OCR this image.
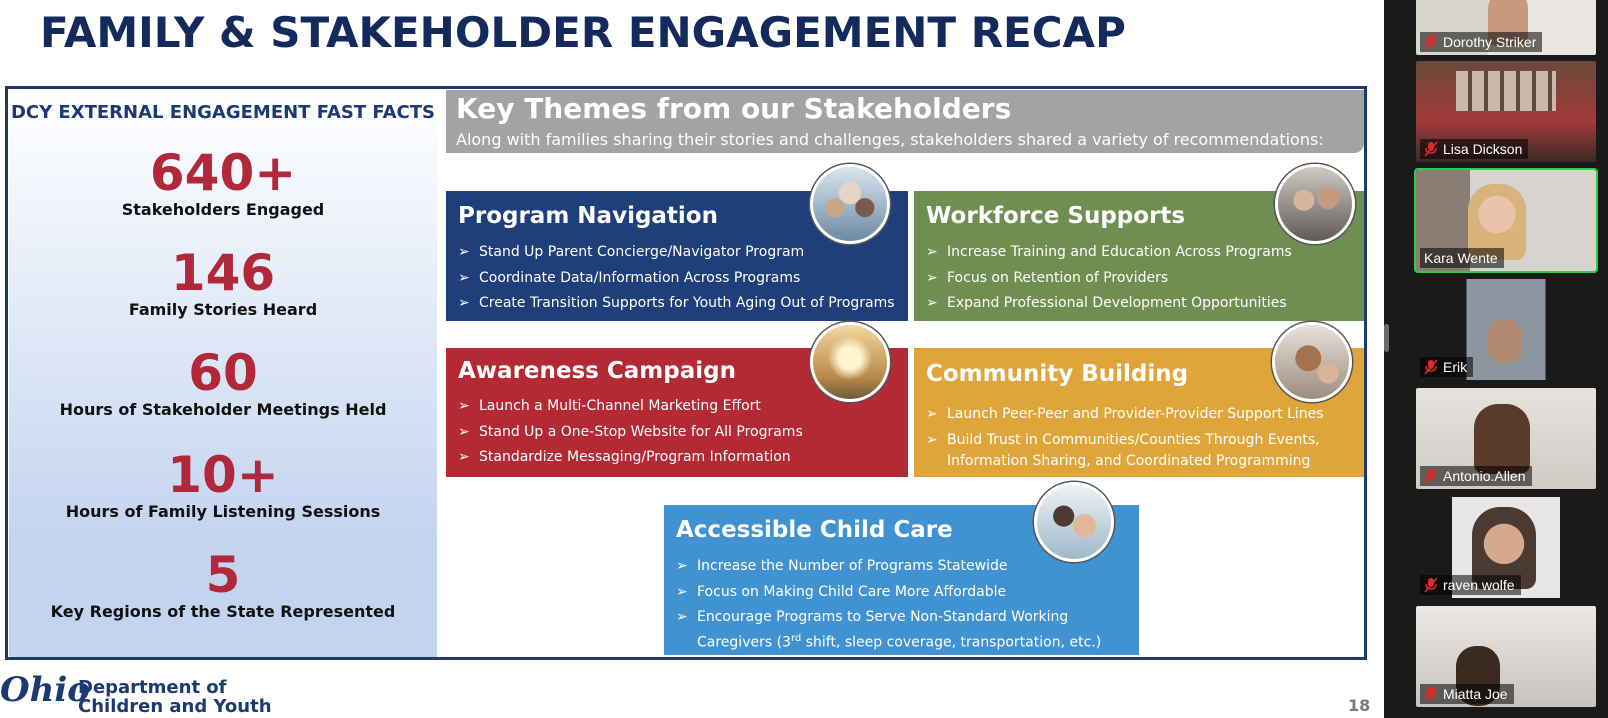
FAMILY & STAKEHOLDER ENGAGEMENT RECAP
DCY EXTERNAL ENGAGEMENT FAST FACTS
640+
Stakeholders Engaged
146
Family Stories Heard
60
Hours of Stakeholder Meetings Held
10+
Hours of Family Listening Sessions
5
Key Regions of the State Represented
Key Themes from our Stakeholders
Along with families sharing their stories and challenges, stakeholders shared a variety of recommendations:
Program Navigation
➢ Stand Up Parent Concierge/Navigator Program
➢ Coordinate Data/Information Across Programs
➢ Create Transition Supports for Youth Aging Out of Programs
Workforce Supports
➢ Increase Training and Education Across Programs
➢ Focus on Retention of Providers
➢ Expand Professional Development Opportunities
Awareness Campaign
➢ Launch a Multi-Channel Marketing Effort
➢ Stand Up a One-Stop Website for All Programs
➢ Standardize Messaging/Program Information
Community Building
➢ Launch Peer-Peer and Provider-Provider Support Lines
➢ Build Trust in Communities/Counties Through Events, Information Sharing, and Coordinated Programming
Accessible Child Care
➢ Increase the Number of Programs Statewide
➢ Focus on Making Child Care More Affordable
➢ Encourage Programs to Serve Non-Standard Working Caregivers (3rd shift, sleep coverage, transportation, etc.)
Ohio
Department of
Children and Youth	18
Dorothy Striker
Lisa Dickson
Kara Wente
Erik
Antonio.Allen
raven wolfe
Miatta Joe
